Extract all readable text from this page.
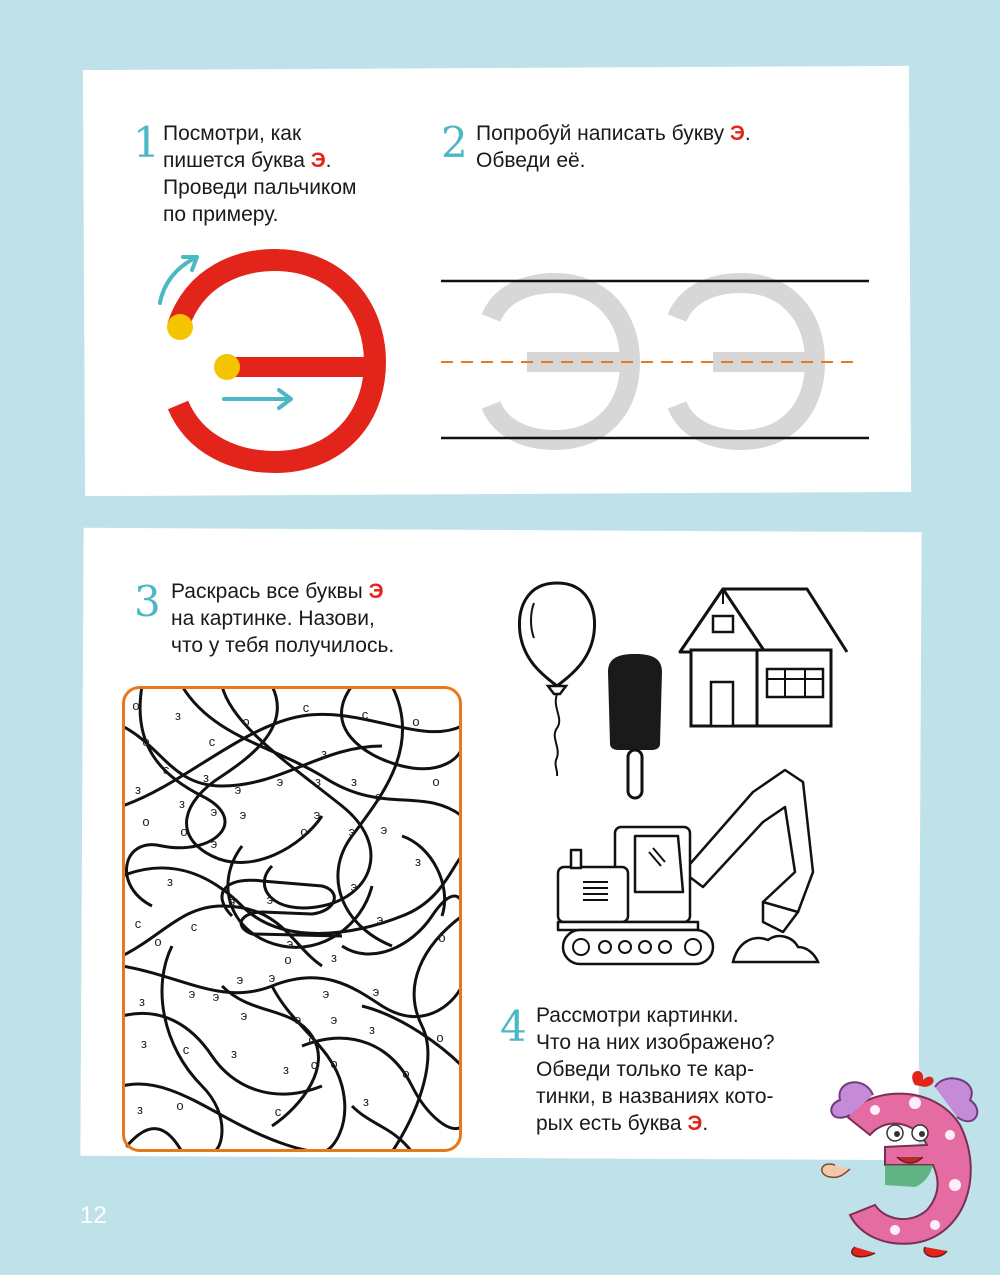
1 Посмотри, как
пишется буква Э.
Проведи пальчиком
по примеру.
2 Попробуй написать букву Э.
Обведи её.
3 Раскрась все буквы Э
на картинке. Назови,
что у тебя получилось.
о
з	о
с	с	о
о	с
з
с
з	э з з	о
з	э
з
э э
с
э
о
о	о	э э
э
з
з	э
э э
с	с	э
о	э	о
о	з
э э
э э	э	э
з
э	э э
з
о	о
з	с	з
з с о
о
з	о	с
з
4 Рассмотри картинки.
Что на них изображено?
Обведи только те кар-
тинки, в названиях кото-
рых есть буква Э.
12
